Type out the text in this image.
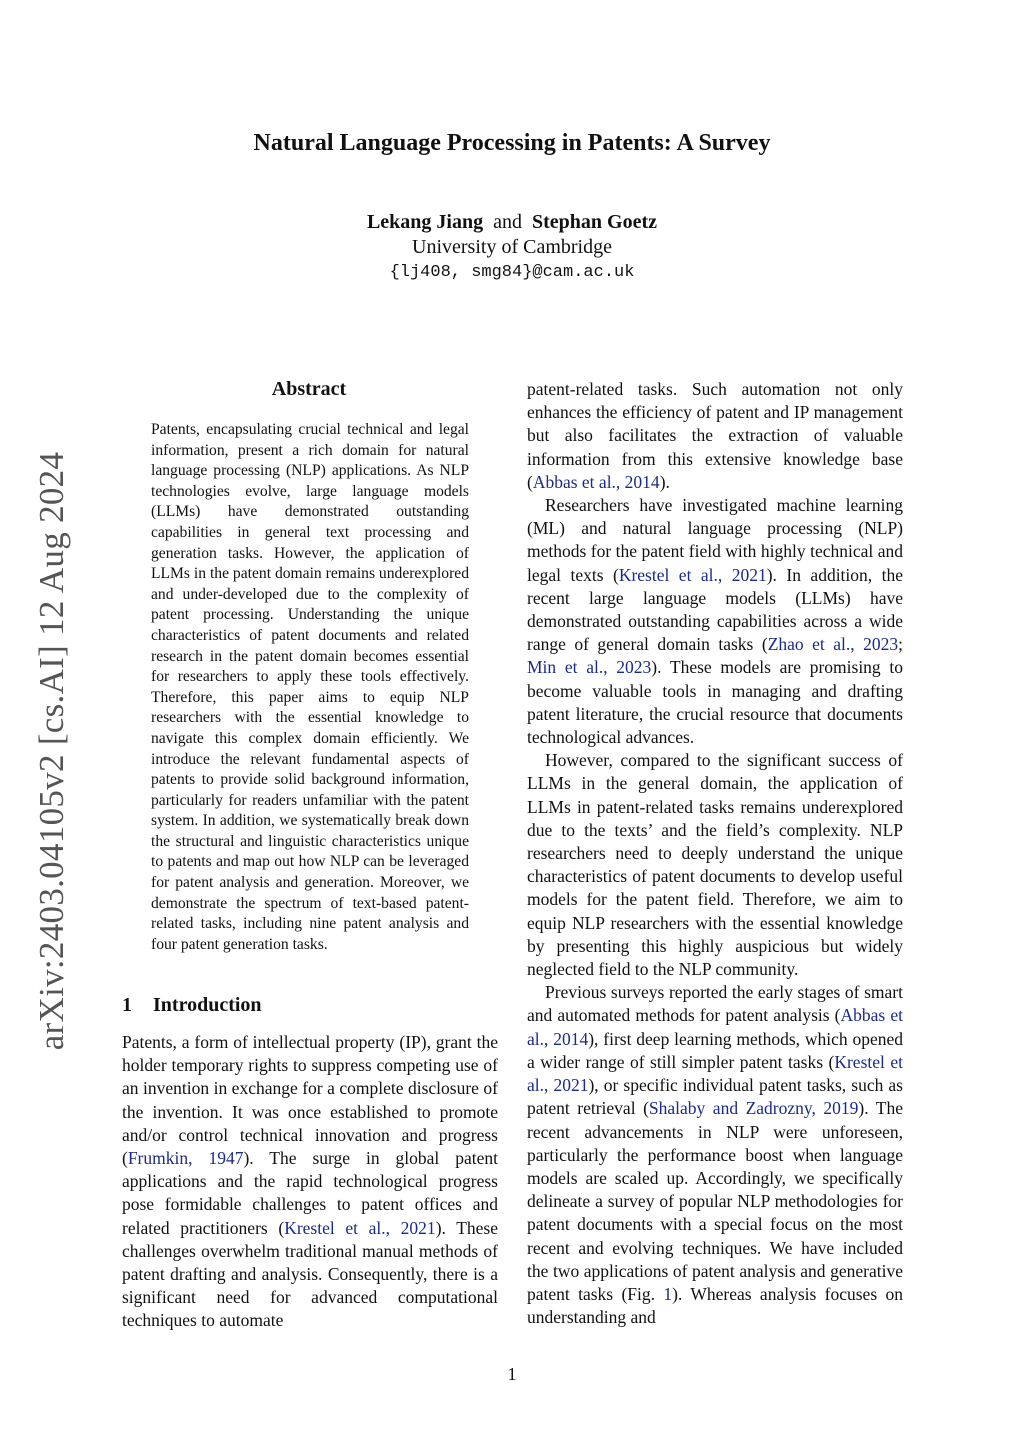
arXiv:2403.04105v2 [cs.AI] 12 Aug 2024
Natural Language Processing in Patents: A Survey
Lekang Jiang and Stephan Goetz
University of Cambridge
{lj408, smg84}@cam.ac.uk
Abstract
Patents, encapsulating crucial technical and legal information, present a rich domain for natural language processing (NLP) applications. As NLP technologies evolve, large language models (LLMs) have demonstrated outstanding capabilities in general text processing and generation tasks. However, the application of LLMs in the patent domain remains underexplored and under-developed due to the complexity of patent processing. Understanding the unique characteristics of patent documents and related research in the patent domain becomes essential for researchers to apply these tools effectively. Therefore, this paper aims to equip NLP researchers with the essential knowledge to navigate this complex domain efficiently. We introduce the relevant fundamental aspects of patents to provide solid background information, particularly for readers unfamiliar with the patent system. In addition, we systematically break down the structural and linguistic characteristics unique to patents and map out how NLP can be leveraged for patent analysis and generation. Moreover, we demonstrate the spectrum of text-based patent-related tasks, including nine patent analysis and four patent generation tasks.
1 Introduction

Patents, a form of intellectual property (IP), grant the holder temporary rights to suppress competing use of an invention in exchange for a complete disclosure of the invention. It was once established to promote and/or control technical innovation and progress (Frumkin, 1947). The surge in global patent applications and the rapid technological progress pose formidable challenges to patent offices and related practitioners (Krestel et al., 2021). These challenges overwhelm traditional manual methods of patent drafting and analysis. Consequently, there is a significant need for advanced computational techniques to automate

patent-related tasks. Such automation not only enhances the efficiency of patent and IP management but also facilitates the extraction of valuable information from this extensive knowledge base (Abbas et al., 2014).

Researchers have investigated machine learning (ML) and natural language processing (NLP) methods for the patent field with highly technical and legal texts (Krestel et al., 2021). In addition, the recent large language models (LLMs) have demonstrated outstanding capabilities across a wide range of general domain tasks (Zhao et al., 2023; Min et al., 2023). These models are promising to become valuable tools in managing and drafting patent literature, the crucial resource that documents technological advances.

However, compared to the significant success of LLMs in the general domain, the application of LLMs in patent-related tasks remains underexplored due to the texts’ and the field’s complexity. NLP researchers need to deeply understand the unique characteristics of patent documents to develop useful models for the patent field. Therefore, we aim to equip NLP researchers with the essential knowledge by presenting this highly auspicious but widely neglected field to the NLP community.

Previous surveys reported the early stages of smart and automated methods for patent analysis (Abbas et al., 2014), first deep learning methods, which opened a wider range of still simpler patent tasks (Krestel et al., 2021), or specific individual patent tasks, such as patent retrieval (Shalaby and Zadrozny, 2019). The recent advancements in NLP were unforeseen, particularly the performance boost when language models are scaled up. Accordingly, we specifically delineate a survey of popular NLP methodologies for patent documents with a special focus on the most recent and evolving techniques. We have included the two applications of patent analysis and generative patent tasks (Fig. 1). Whereas analysis focuses on understanding and

1
